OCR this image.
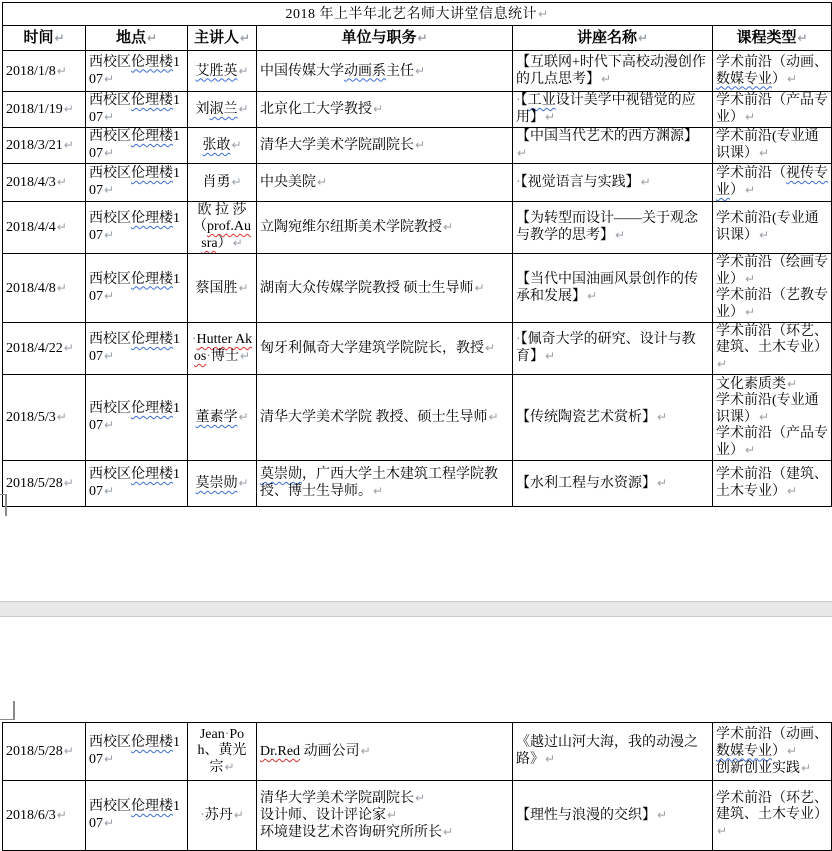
2018 年上半年北艺名师大讲堂信息统计↵					
时间↵	地点↵	主讲人↵	单位与职务↵	讲座名称↵	课程类型↵

2018/1/8↵	西校区伦理楼107↵	艾胜英↵	中国传媒大学动画系主任↵	【互联网+时代下高校动漫创作的几点思考】↵	学术前沿（动画、数媒专业）↵

2018/1/19↵	西校区伦理楼107↵	刘淑兰↵	北京化工大学教授↵	·【工业设计美学中视错觉的应用】↵	学术前沿（产品专业）↵

2018/3/21↵	西校区伦理楼107↵	张敢↵	清华大学美术学院副院长↵	【中国当代艺术的西方渊源】↵	学术前沿(专业通识课）↵

2018/4/3↵	西校区伦理楼107↵	肖勇↵	中央美院↵	·【视觉语言与实践】↵	学术前沿（视传专业）↵

2018/4/4↵	西校区伦理楼107↵	欧 拉 莎（prof.Ausra）↵	立陶宛维尔纽斯美术学院教授↵	【为转型而设计——关于观念与教学的思考】↵	学术前沿(专业通识课）↵

2018/4/8↵	西校区伦理楼107↵	蔡国胜↵	湖南大众传媒学院教授 硕士生导师↵	【当代中国油画风景创作的传承和发展】↵	学术前沿（绘画专业）↵
学术前沿（艺教专业）↵

2018/4/22↵	西校区伦理楼107↵	·Hutter Akos·博士↵	匈牙利佩奇大学建筑学院院长，教授↵	·【佩奇大学的研究、设计与教育】↵	学术前沿（环艺、建筑、土木专业）↵

2018/5/3↵	西校区伦理楼107↵	董素学↵	清华大学美术学院 教授、硕士生导师↵	【传统陶瓷艺术赏析】↵	文化素质类↵
学术前沿(专业通识课）↵
学术前沿（产品专业）↵

2018/5/28↵	西校区伦理楼107↵	莫崇勋↵	莫崇勋，广西大学土木建筑工程学院教授、博士生导师。↵	【水利工程与水资源】↵	学术前沿（建筑、土木专业）↵
2018/5/28↵	西校区伦理楼107↵	Jean·Poh、黄光宗↵	Dr.Red 动画公司↵	《越过山河大海，我的动漫之路》↵	学术前沿（动画、数媒专业）↵
创新创业实践↵

2018/6/3↵	西校区伦理楼107↵	·苏丹↵	清华大学美术学院副院长↵
设计师、设计评论家↵
环境建设艺术咨询研究所所长↵	【理性与浪漫的交织】↵	学术前沿（环艺、建筑、土木专业）↵
